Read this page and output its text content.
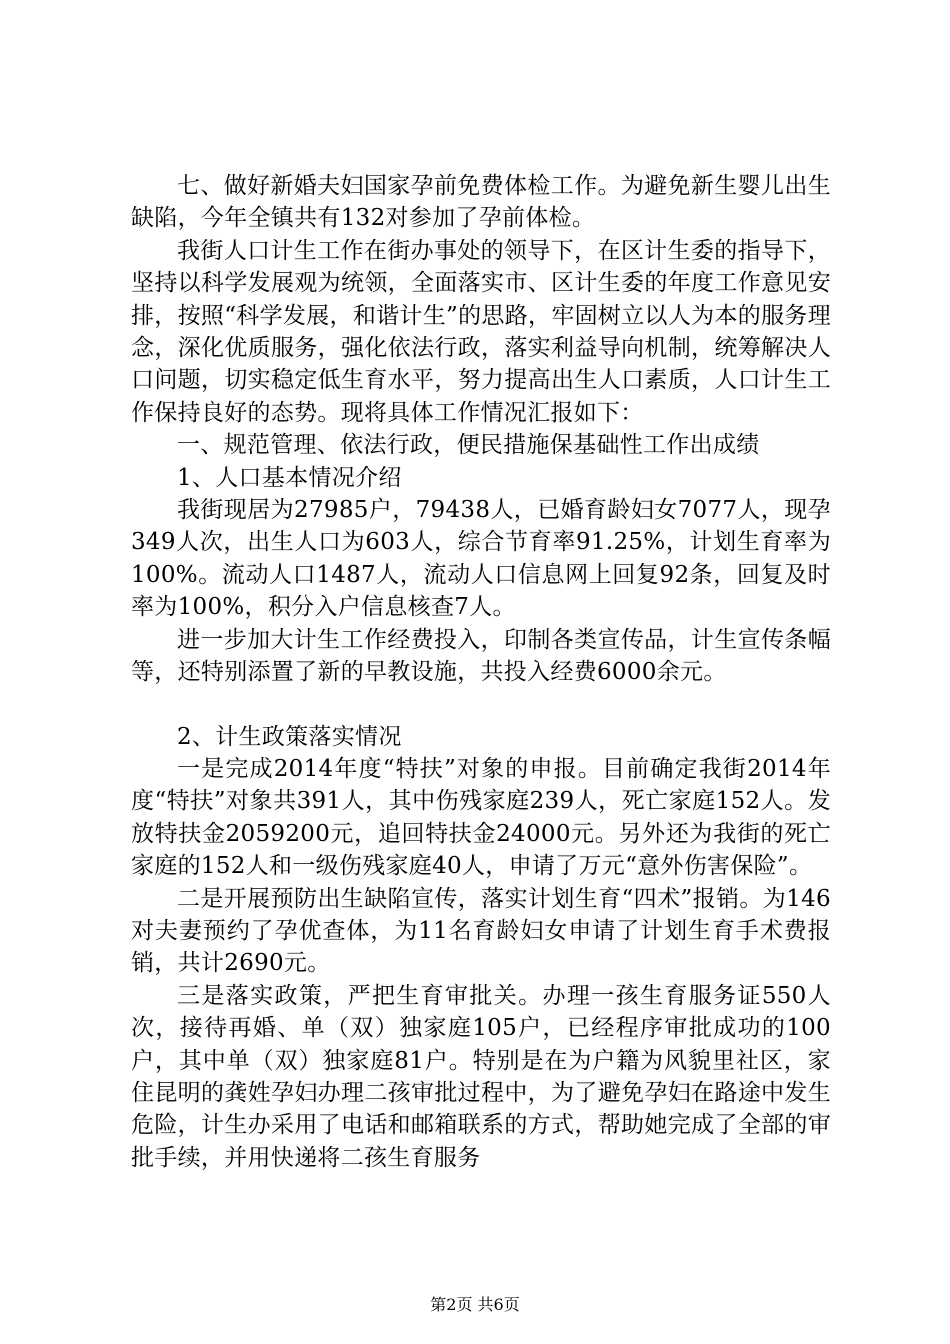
七、做好新婚夫妇国家孕前免费体检工作。为避免新生婴儿出生缺陷，今年全镇共有132对参加了孕前体检。

我街人口计生工作在街办事处的领导下，在区计生委的指导下，坚持以科学发展观为统领，全面落实市、区计生委的年度工作意见安排，按照“科学发展，和谐计生”的思路，牢固树立以人为本的服务理念，深化优质服务，强化依法行政，落实利益导向机制，统筹解决人口问题，切实稳定低生育水平，努力提高出生人口素质，人口计生工作保持良好的态势。现将具体工作情况汇报如下：

一、规范管理、依法行政，便民措施保基础性工作出成绩

1、人口基本情况介绍

我街现居为27985户，79438人，已婚育龄妇女7077人，现孕349人次，出生人口为603人，综合节育率91.25%，计划生育率为100%。流动人口1487人，流动人口信息网上回复92条，回复及时率为100%，积分入户信息核查7人。

进一步加大计生工作经费投入，印制各类宣传品，计生宣传条幅等，还特别添置了新的早教设施，共投入经费6000余元。

2、计生政策落实情况

一是完成2014年度“特扶”对象的申报。目前确定我街2014年度“特扶”对象共391人，其中伤残家庭239人，死亡家庭152人。发放特扶金2059200元，追回特扶金24000元。另外还为我街的死亡家庭的152人和一级伤残家庭40人，申请了万元“意外伤害保险”。

二是开展预防出生缺陷宣传，落实计划生育“四术”报销。为146对夫妻预约了孕优查体，为11名育龄妇女申请了计划生育手术费报销，共计2690元。

三是落实政策，严把生育审批关。办理一孩生育服务证550人次，接待再婚、单（双）独家庭105户，已经程序审批成功的100户，其中单（双）独家庭81户。特别是在为户籍为风貌里社区，家住昆明的龚姓孕妇办理二孩审批过程中，为了避免孕妇在路途中发生危险，计生办采用了电话和邮箱联系的方式，帮助她完成了全部的审批手续，并用快递将二孩生育服务

第2页 共6页
